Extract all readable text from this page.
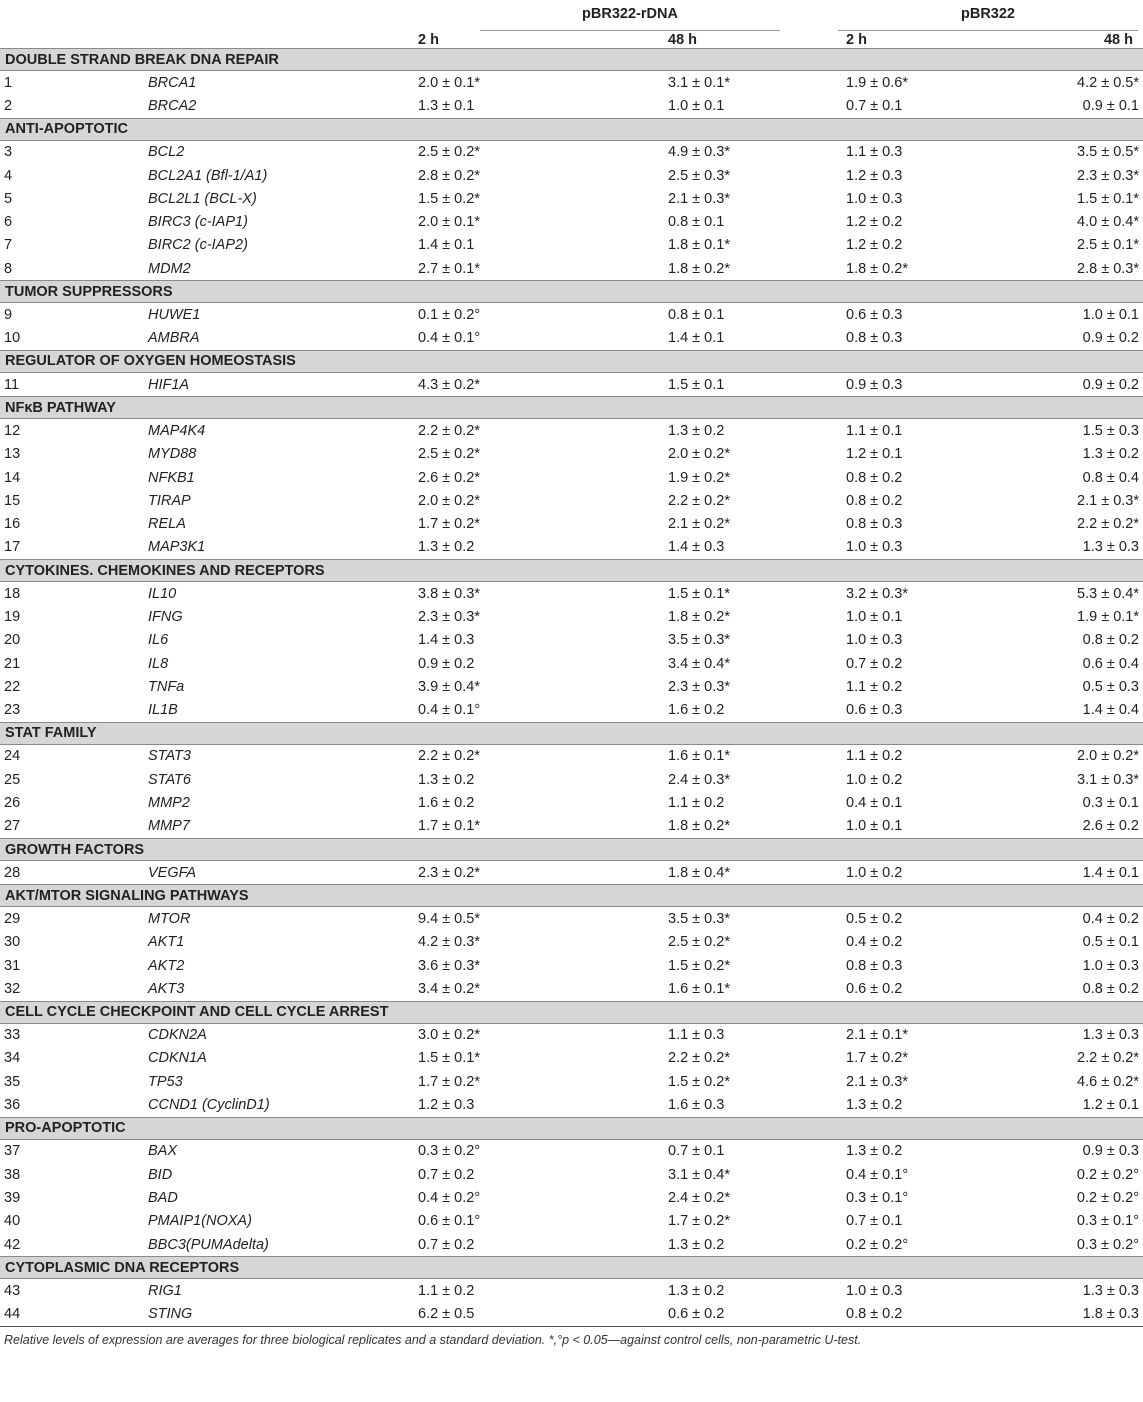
		pBR322-rDNA		pBR322	

		2 h	48 h	2 h	48 h
DOUBLE STRAND BREAK DNA REPAIR					
1	BRCA1	2.0 ± 0.1*	3.1 ± 0.1*	1.9 ± 0.6*	4.2 ± 0.5*
2	BRCA2	1.3 ± 0.1	1.0 ± 0.1	0.7 ± 0.1	0.9 ± 0.1
ANTI-APOPTOTIC					
3	BCL2	2.5 ± 0.2*	4.9 ± 0.3*	1.1 ± 0.3	3.5 ± 0.5*
4	BCL2A1 (Bfl-1/A1)	2.8 ± 0.2*	2.5 ± 0.3*	1.2 ± 0.3	2.3 ± 0.3*
5	BCL2L1 (BCL-X)	1.5 ± 0.2*	2.1 ± 0.3*	1.0 ± 0.3	1.5 ± 0.1*
6	BIRC3 (c-IAP1)	2.0 ± 0.1*	0.8 ± 0.1	1.2 ± 0.2	4.0 ± 0.4*
7	BIRC2 (c-IAP2)	1.4 ± 0.1	1.8 ± 0.1*	1.2 ± 0.2	2.5 ± 0.1*
8	MDM2	2.7 ± 0.1*	1.8 ± 0.2*	1.8 ± 0.2*	2.8 ± 0.3*
TUMOR SUPPRESSORS					
9	HUWE1	0.1 ± 0.2°	0.8 ± 0.1	0.6 ± 0.3	1.0 ± 0.1
10	AMBRA	0.4 ± 0.1°	1.4 ± 0.1	0.8 ± 0.3	0.9 ± 0.2
REGULATOR OF OXYGEN HOMEOSTASIS					
11	HIF1A	4.3 ± 0.2*	1.5 ± 0.1	0.9 ± 0.3	0.9 ± 0.2
NFκB PATHWAY					
12	MAP4K4	2.2 ± 0.2*	1.3 ± 0.2	1.1 ± 0.1	1.5 ± 0.3
13	MYD88	2.5 ± 0.2*	2.0 ± 0.2*	1.2 ± 0.1	1.3 ± 0.2
14	NFKB1	2.6 ± 0.2*	1.9 ± 0.2*	0.8 ± 0.2	0.8 ± 0.4
15	TIRAP	2.0 ± 0.2*	2.2 ± 0.2*	0.8 ± 0.2	2.1 ± 0.3*
16	RELA	1.7 ± 0.2*	2.1 ± 0.2*	0.8 ± 0.3	2.2 ± 0.2*
17	MAP3K1	1.3 ± 0.2	1.4 ± 0.3	1.0 ± 0.3	1.3 ± 0.3
CYTOKINES. CHEMOKINES AND RECEPTORS					
18	IL10	3.8 ± 0.3*	1.5 ± 0.1*	3.2 ± 0.3*	5.3 ± 0.4*
19	IFNG	2.3 ± 0.3*	1.8 ± 0.2*	1.0 ± 0.1	1.9 ± 0.1*
20	IL6	1.4 ± 0.3	3.5 ± 0.3*	1.0 ± 0.3	0.8 ± 0.2
21	IL8	0.9 ± 0.2	3.4 ± 0.4*	0.7 ± 0.2	0.6 ± 0.4
22	TNFa	3.9 ± 0.4*	2.3 ± 0.3*	1.1 ± 0.2	0.5 ± 0.3
23	IL1B	0.4 ± 0.1°	1.6 ± 0.2	0.6 ± 0.3	1.4 ± 0.4
STAT FAMILY					
24	STAT3	2.2 ± 0.2*	1.6 ± 0.1*	1.1 ± 0.2	2.0 ± 0.2*
25	STAT6	1.3 ± 0.2	2.4 ± 0.3*	1.0 ± 0.2	3.1 ± 0.3*
26	MMP2	1.6 ± 0.2	1.1 ± 0.2	0.4 ± 0.1	0.3 ± 0.1
27	MMP7	1.7 ± 0.1*	1.8 ± 0.2*	1.0 ± 0.1	2.6 ± 0.2
GROWTH FACTORS					
28	VEGFA	2.3 ± 0.2*	1.8 ± 0.4*	1.0 ± 0.2	1.4 ± 0.1
AKT/MTOR SIGNALING PATHWAYS					
29	MTOR	9.4 ± 0.5*	3.5 ± 0.3*	0.5 ± 0.2	0.4 ± 0.2
30	AKT1	4.2 ± 0.3*	2.5 ± 0.2*	0.4 ± 0.2	0.5 ± 0.1
31	AKT2	3.6 ± 0.3*	1.5 ± 0.2*	0.8 ± 0.3	1.0 ± 0.3
32	AKT3	3.4 ± 0.2*	1.6 ± 0.1*	0.6 ± 0.2	0.8 ± 0.2
CELL CYCLE CHECKPOINT AND CELL CYCLE ARREST					
33	CDKN2A	3.0 ± 0.2*	1.1 ± 0.3	2.1 ± 0.1*	1.3 ± 0.3
34	CDKN1A	1.5 ± 0.1*	2.2 ± 0.2*	1.7 ± 0.2*	2.2 ± 0.2*
35	TP53	1.7 ± 0.2*	1.5 ± 0.2*	2.1 ± 0.3*	4.6 ± 0.2*
36	CCND1 (CyclinD1)	1.2 ± 0.3	1.6 ± 0.3	1.3 ± 0.2	1.2 ± 0.1
PRO-APOPTOTIC					
37	BAX	0.3 ± 0.2°	0.7 ± 0.1	1.3 ± 0.2	0.9 ± 0.3
38	BID	0.7 ± 0.2	3.1 ± 0.4*	0.4 ± 0.1°	0.2 ± 0.2°
39	BAD	0.4 ± 0.2°	2.4 ± 0.2*	0.3 ± 0.1°	0.2 ± 0.2°
40	PMAIP1(NOXA)	0.6 ± 0.1°	1.7 ± 0.2*	0.7 ± 0.1	0.3 ± 0.1°
42	BBC3(PUMAdelta)	0.7 ± 0.2	1.3 ± 0.2	0.2 ± 0.2°	0.3 ± 0.2°
CYTOPLASMIC DNA RECEPTORS					
43	RIG1	1.1 ± 0.2	1.3 ± 0.2	1.0 ± 0.3	1.3 ± 0.3
44	STING	6.2 ± 0.5	0.6 ± 0.2	0.8 ± 0.2	1.8 ± 0.3

Relative levels of expression are averages for three biological replicates and a standard deviation. *,°p < 0.05—against control cells, non-parametric U-test.
